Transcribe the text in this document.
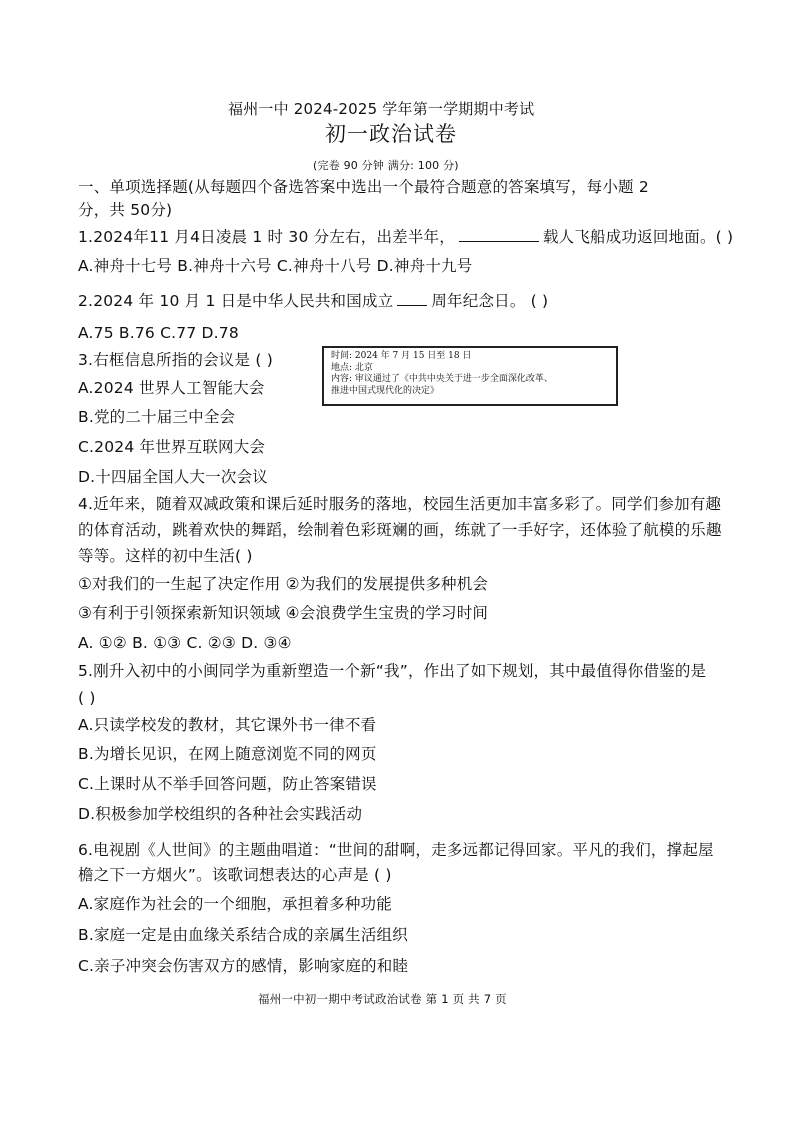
福州一中 2024-2025 学年第一学期期中考试
初一政治试卷
(完卷 90 分钟 满分: 100 分)
一、单项选择题(从每题四个备选答案中选出一个最符合题意的答案填写，每小题 2
分，共 50分)
1.2024年11 月4日凌晨 1 时 30 分左右，出差半年，	载人飞船成功返回地面。( )
A.神舟十七号 B.神舟十六号 C.神舟十八号 D.神舟十九号
2.2024 年 10 月 1 日是中华人民共和国成立 周年纪念日。 ( )
A.75 B.76 C.77 D.78
3.右框信息所指的会议是 ( )	时间: 2024 年 7 月 15 日至 18 日
地点: 北京
内容: 审议通过了《中共中央关于进一步全面深化改革、
推进中国式现代化的决定》
A.2024 世界人工智能大会
B.党的二十届三中全会
C.2024 年世界互联网大会
D.十四届全国人大一次会议
4.近年来，随着双减政策和课后延时服务的落地，校园生活更加丰富多彩了。同学们参加有趣
的体育活动，跳着欢快的舞蹈，绘制着色彩斑斓的画，练就了一手好字，还体验了航模的乐趣
等等。这样的初中生活( )
①对我们的一生起了决定作用 ②为我们的发展提供多种机会
③有利于引领探索新知识领域 ④会浪费学生宝贵的学习时间
A. ①② B. ①③ C. ②③ D. ③④
5.刚升入初中的小闽同学为重新塑造一个新“我”，作出了如下规划，其中最值得你借鉴的是
( )
A.只读学校发的教材，其它课外书一律不看
B.为增长见识，在网上随意浏览不同的网页
C.上课时从不举手回答问题，防止答案错误
D.积极参加学校组织的各种社会实践活动
6.电视剧《人世间》的主题曲唱道：“世间的甜啊，走多远都记得回家。平凡的我们，撑起屋
檐之下一方烟火”。该歌词想表达的心声是 ( )
A.家庭作为社会的一个细胞，承担着多种功能
B.家庭一定是由血缘关系结合成的亲属生活组织
C.亲子冲突会伤害双方的感情，影响家庭的和睦
福州一中初一期中考试政治试卷 第 1 页 共 7 页
